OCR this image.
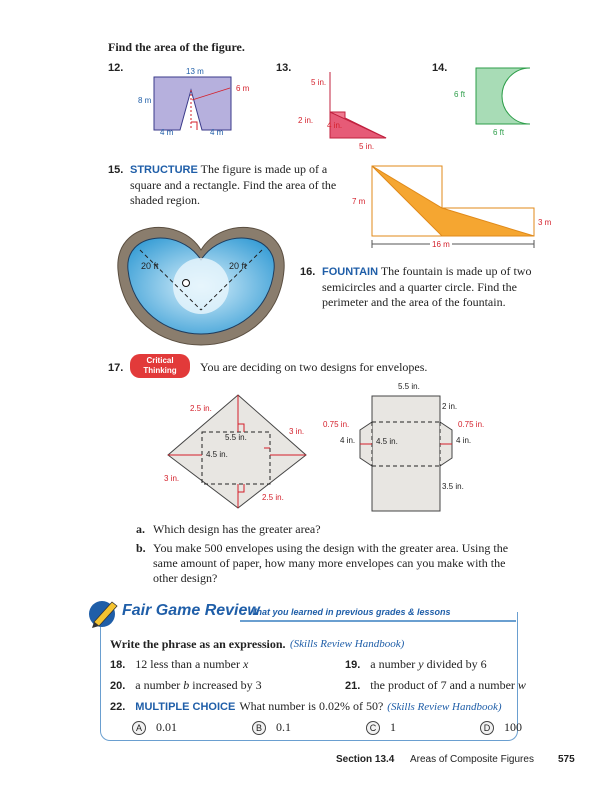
Find the area of the figure.
12.	13 m
8 m
6 m
4 m	4 m
13.
5 in.
2 in.
4 in.
5 in.
14.
6 ft
6 ft
15. STRUCTURE The figure is made up of a square and a rectangle. Find the area of the shaded region.	7 m
3 m
16 m
20 ft	20 ft	16. FOUNTAIN The fountain is made up of two semicircles and a quarter circle. Find the perimeter and the area of the fountain.
17.
Critical
Thinking	You are deciding on two designs for envelopes.
2.5 in.
3 in.
5.5 in.
4.5 in.
3 in.
2.5 in.
5.5 in.
2 in.
0.75 in.	0.75 in.
4 in.	4.5 in.	4 in.
3.5 in.
a. Which design has the greater area?
b. You make 500 envelopes using the design with the greater area. Using the same amount of paper, how many more envelopes can you make with the other design?
Fair Game Review
What you learned in previous grades & lessons
Write the phrase as an expression. (Skills Review Handbook)
18. 12 less than a number x	19. a number y divided by 6
20. a number b increased by 3	21. the product of 7 and a number w
22. MULTIPLE CHOICE What number is 0.02% of 50? (Skills Review Handbook)
A 0.01	B 0.1	C 1	D 100
Section 13.4 Areas of Composite Figures 575
